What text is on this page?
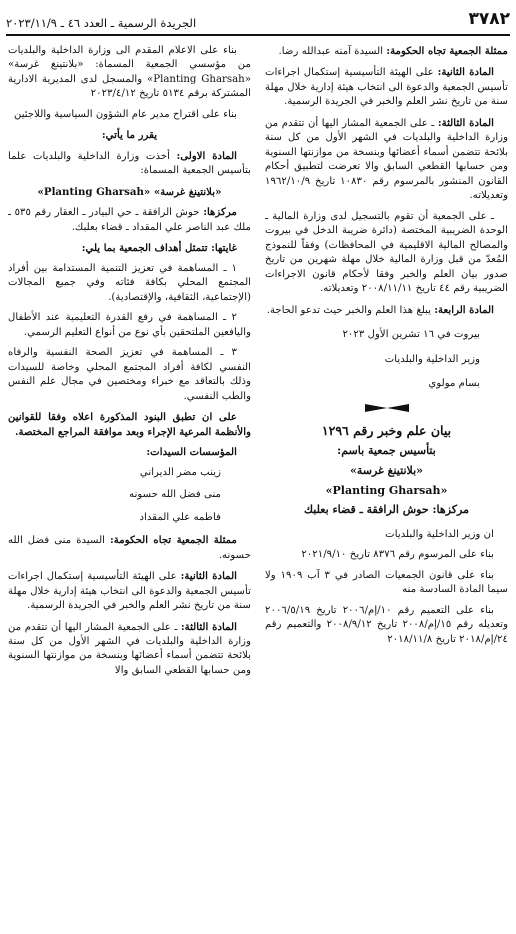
٣٧٨٢
الجريدة الرسمية ـ العدد ٤٦ ـ ٢٠٢٣/١١/٩

ممثلة الجمعية تجاه الحكومة: السيدة آمنه عبدالله رضا.

المادة الثانية: على الهيئة التأسيسية إستكمال اجراءات تأسيس الجمعية والدعوة الى انتخاب هيئة إدارية خلال مهلة سنة من تاريخ نشر العلم والخبر في الجريدة الرسمية.

المادة الثالثة: ـ على الجمعية المشار اليها أن تتقدم من وزارة الداخلية والبلديات في الشهر الأول من كل سنة بلائحة تتضمن أسماء أعضائها وبنسخة من موازنتها السنوية ومن حسابها القطعي السابق والا تعرضت لتطبيق أحكام القانون المنشور بالمرسوم رقم ١٠٨٣٠ تاريخ ١٩٦٢/١٠/٩ وتعديلاته.

ـ على الجمعية أن تقوم بالتسجيل لدى وزارة المالية ـ الوحدة الضريبية المختصة (دائرة ضريبة الدخل في بيروت والمصالح المالية الاقليمية في المحافظات) وفقاً للنموذج المُعدّ من قبل وزارة المالية خلال مهلة شهرين من تاريخ صدور بيان العلم والخبر وفقا لأحكام قانون الاجراءات الضريبية رقم ٤٤ تاريخ ٢٠٠٨/١١/١١ وتعديلاته.

المادة الرابعة: يبلغ هذا العلم والخبر حيث تدعو الحاجة.

بيروت في ١٦ تشرين الأول ٢٠٢٣

وزير الداخلية والبلديات

بسام مولوي

بيان علم وخبر رقم ١٢٩٦
بتأسيس جمعية باسم:
«بلانتينغ غرسة»
«Planting Gharsah»
مركزها: حوش الرافقة ـ قضاء بعلبك

ان وزير الداخلية والبلديات

بناء على المرسوم رقم ٨٣٧٦ تاريخ ٢٠٢١/٩/١٠

بناء على قانون الجمعيات الصادر في ٣ آب ١٩٠٩ ولا سيما المادة السادسة منه

بناء على التعميم رقم ١٠/إم/٢٠٠٦ تاريخ ٢٠٠٦/٥/١٩ وتعديله رقم ١٥/إم/٢٠٠٨ تاريخ ٢٠٠٨/٩/١٢ والتعميم رقم ٢٤/إم/٢٠١٨ تاريخ ٢٠١٨/١١/٨

بناء على الاعلام المقدم الى وزارة الداخلية والبلديات من مؤسسي الجمعية المسماة: «بلانتينغ غرسة» «Planting Gharsah» والمسجل لدى المديرية الادارية المشتركة برقم ٥١٣٤ تاريخ ٢٠٢٣/٤/١٢

بناء على اقتراح مدير عام الشؤون السياسية واللاجئين

يقرر ما يأتي:

المادة الاولى: أخذت وزارة الداخلية والبلديات علما بتأسيس الجمعية المسماة:

«بلانتينغ غرسة» «Planting Gharsah»

مركزها: حوش الرافقة ـ حي البيادر ـ العقار رقم ٥٣٥ ـ ملك عبد الناصر علي المقداد ـ قضاء بعلبك.

غايتها: تتمثل أهداف الجمعية بما يلي:

١ ـ المساهمة في تعزيز التنمية المستدامة بين أفراد المجتمع المحلي بكافة فئاته وفي جميع المجالات (الإجتماعية، الثقافية، والإقتصادية).

٢ ـ المساهمة في رفع القدرة التعليمية عند الأطفال واليافعين الملتحقين بأي نوع من أنواع التعليم الرسمي.

٣ ـ المساهمة في تعزيز الصحة النفسية والرفاه النفسي لكافة أفراد المجتمع المحلي وخاصة للسيدات وذلك بالتعاقد مع خبراء ومختصين في مجال علم النفس والطب النفسي.

على ان تطبق البنود المذكورة اعلاه وفقا للقوانين والأنظمة المرعية الإجراء وبعد موافقة المراجع المختصة.

المؤسسات السيدات:

زينب مضر الديراني

منى فضل الله حسونه

فاطمه علي المقداد

ممثلة الجمعية تجاه الحكومة: السيدة منى فضل الله حسونه.

المادة الثانية: على الهيئة التأسيسية إستكمال اجراءات تأسيس الجمعية والدعوة الى انتخاب هيئة إدارية خلال مهلة سنة من تاريخ نشر العلم والخبر في الجريدة الرسمية.

المادة الثالثة: ـ على الجمعية المشار اليها أن تتقدم من وزارة الداخلية والبلديات في الشهر الأول من كل سنة بلائحة تتضمن أسماء أعضائها وبنسخة من موازنتها السنوية ومن حسابها القطعي السابق والا
